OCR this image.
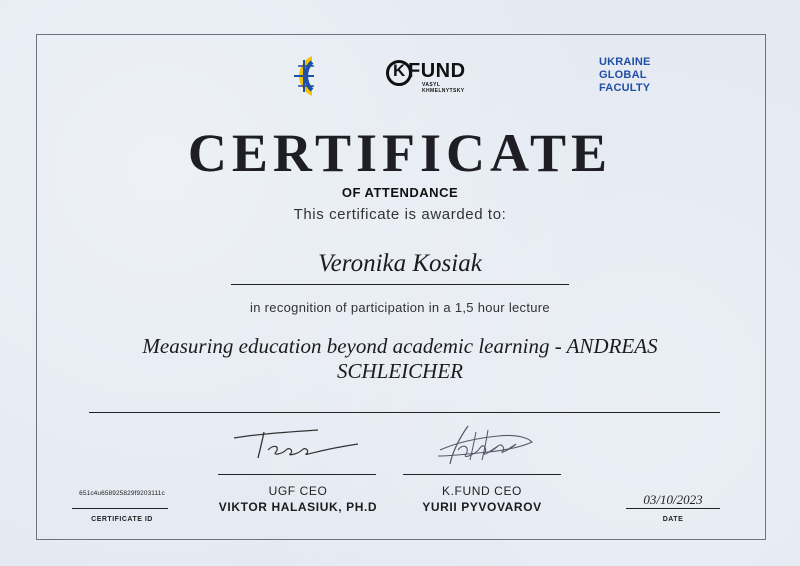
UKRAINE
GLOBAL
FACULTY
K FUND
VASYL
KHMELNYTSKY
CERTIFICATE
OF ATTENDANCE
This certificate is awarded to:
Veronika Kosiak
in recognition of participation in a 1,5 hour lecture
Measuring education beyond academic learning - ANDREAS SCHLEICHER
UGF CEO
VIKTOR HALASIUK, PH.D
K.FUND CEO
YURII PYVOVAROV
651c4u658925829f9203111c
CERTIFICATE ID
03/10/2023
DATE
